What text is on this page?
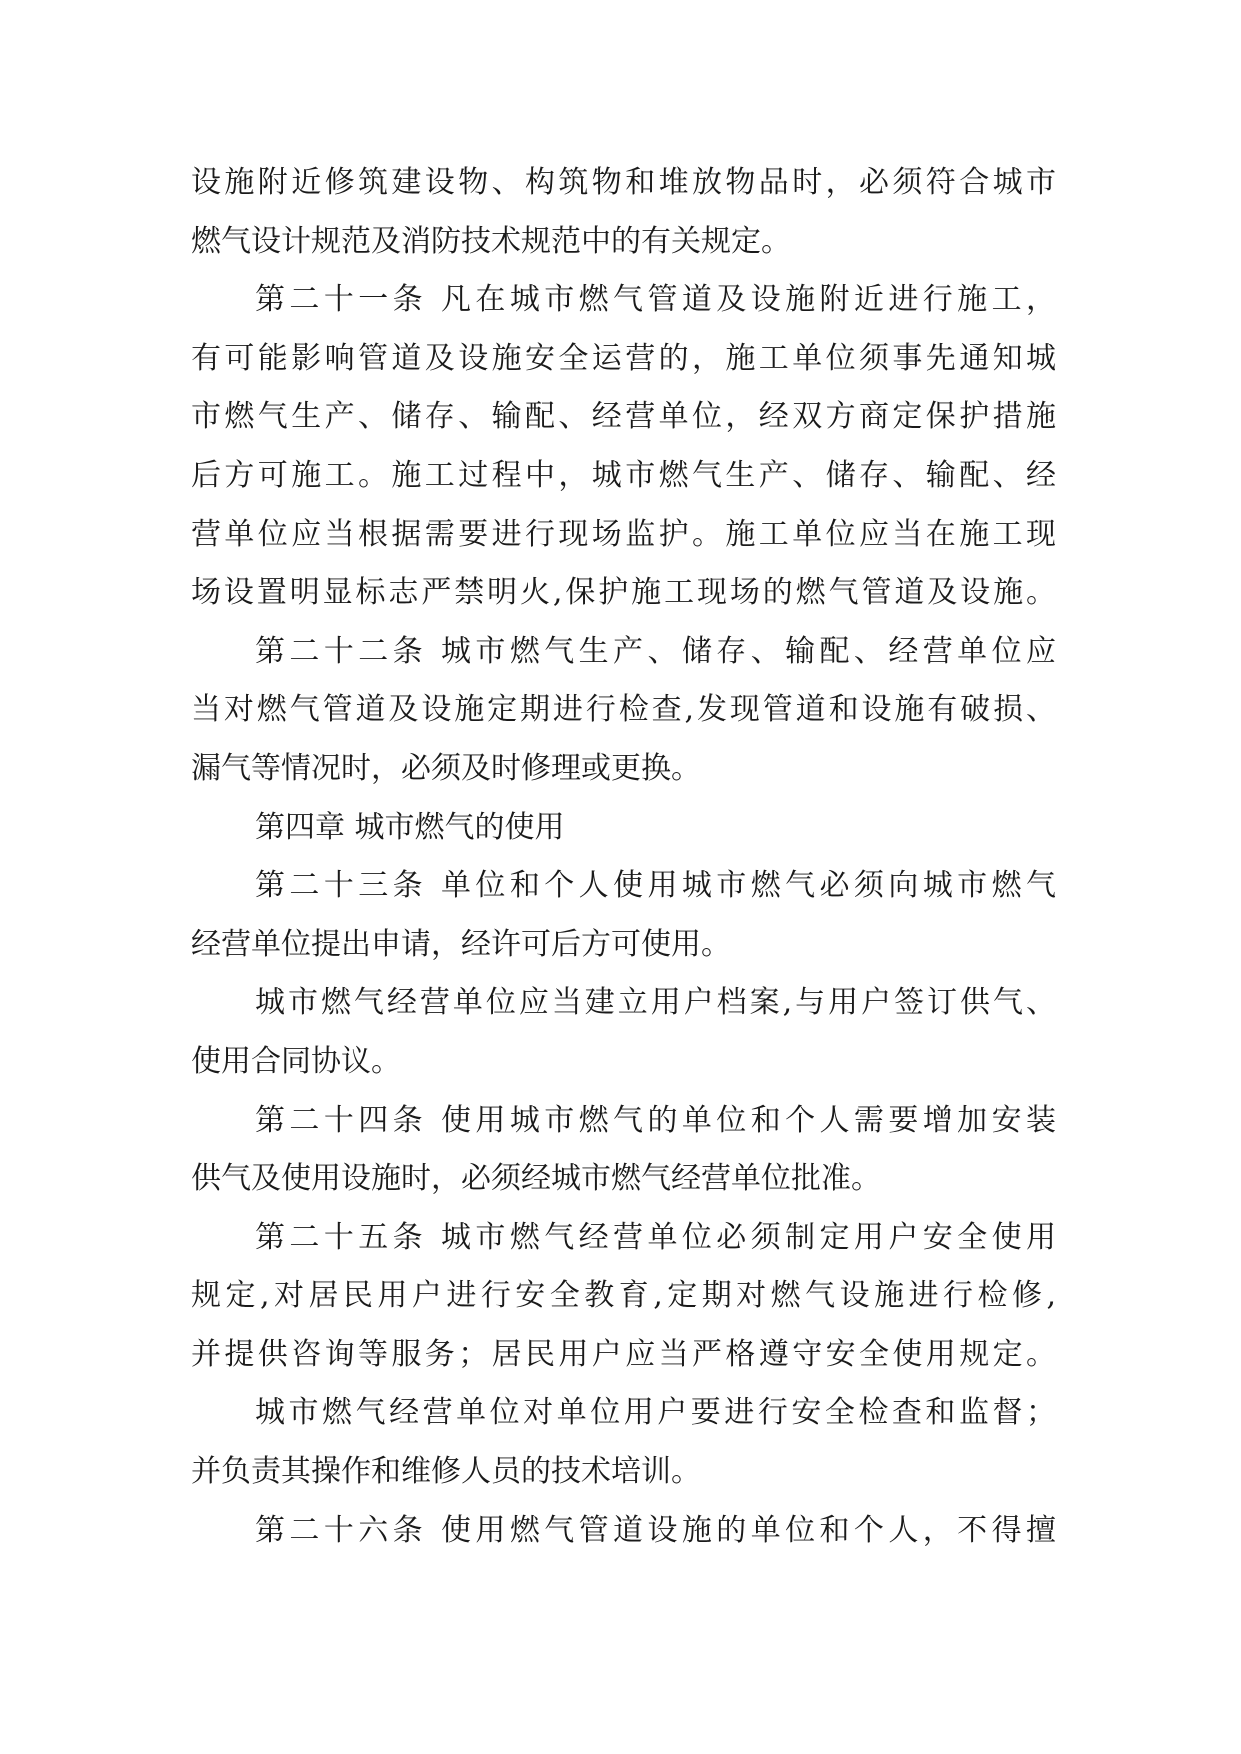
设施附近修筑建设物、构筑物和堆放物品时，必须符合城市
燃气设计规范及消防技术规范中的有关规定。
第二十一条 凡在城市燃气管道及设施附近进行施工，
有可能影响管道及设施安全运营的，施工单位须事先通知城
市燃气生产、储存、输配、经营单位，经双方商定保护措施
后方可施工。施工过程中，城市燃气生产、储存、输配、经
营单位应当根据需要进行现场监护。施工单位应当在施工现
场设置明显标志严禁明火,保护施工现场的燃气管道及设施。
第二十二条 城市燃气生产、储存、输配、经营单位应
当对燃气管道及设施定期进行检查,发现管道和设施有破损、
漏气等情况时，必须及时修理或更换。
第四章 城市燃气的使用
第二十三条 单位和个人使用城市燃气必须向城市燃气
经营单位提出申请，经许可后方可使用。
城市燃气经营单位应当建立用户档案,与用户签订供气、
使用合同协议。
第二十四条 使用城市燃气的单位和个人需要增加安装
供气及使用设施时，必须经城市燃气经营单位批准。
第二十五条 城市燃气经营单位必须制定用户安全使用
规定,对居民用户进行安全教育,定期对燃气设施进行检修,
并提供咨询等服务；居民用户应当严格遵守安全使用规定。
城市燃气经营单位对单位用户要进行安全检查和监督；
并负责其操作和维修人员的技术培训。
第二十六条 使用燃气管道设施的单位和个人，不得擅
